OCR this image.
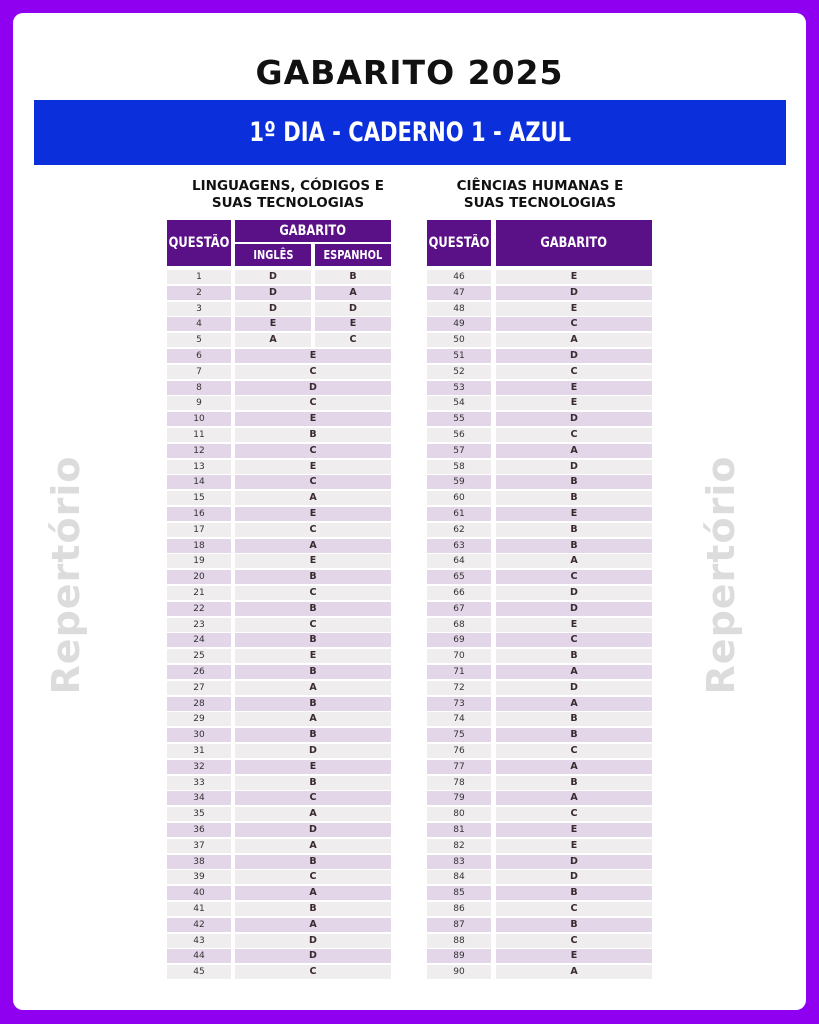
GABARITO 2025
1º DIA - CADERNO 1 - AZUL
Repertório	Repertório
LINGUAGENS, CÓDIGOS E
SUAS TECNOLOGIAS
QUESTÃO
GABARITO
INGLÊS	ESPANHOL
1	D	B
2	D	A
3	D	D
4	E	E
5	A	C
6	E
7	C
8	D
9	C
10	E
11	B
12	C
13	E
14	C
15	A
16	E
17	C
18	A
19	E
20	B
21	C
22	B
23	C
24	B
25	E
26	B
27	A
28	B
29	A
30	B
31	D
32	E
33	B
34	C
35	A
36	D
37	A
38	B
39	C
40	A
41	B
42	A
43	D
44	D
45	C
CIÊNCIAS HUMANAS E
SUAS TECNOLOGIAS
QUESTÃO	GABARITO
46	E
47	D
48	E
49	C
50	A
51	D
52	C
53	E
54	E
55	D
56	C
57	A
58	D
59	B
60	B
61	E
62	B
63	B
64	A
65	C
66	D
67	D
68	E
69	C
70	B
71	A
72	D
73	A
74	B
75	B
76	C
77	A
78	B
79	A
80	C
81	E
82	E
83	D
84	D
85	B
86	C
87	B
88	C
89	E
90	A
